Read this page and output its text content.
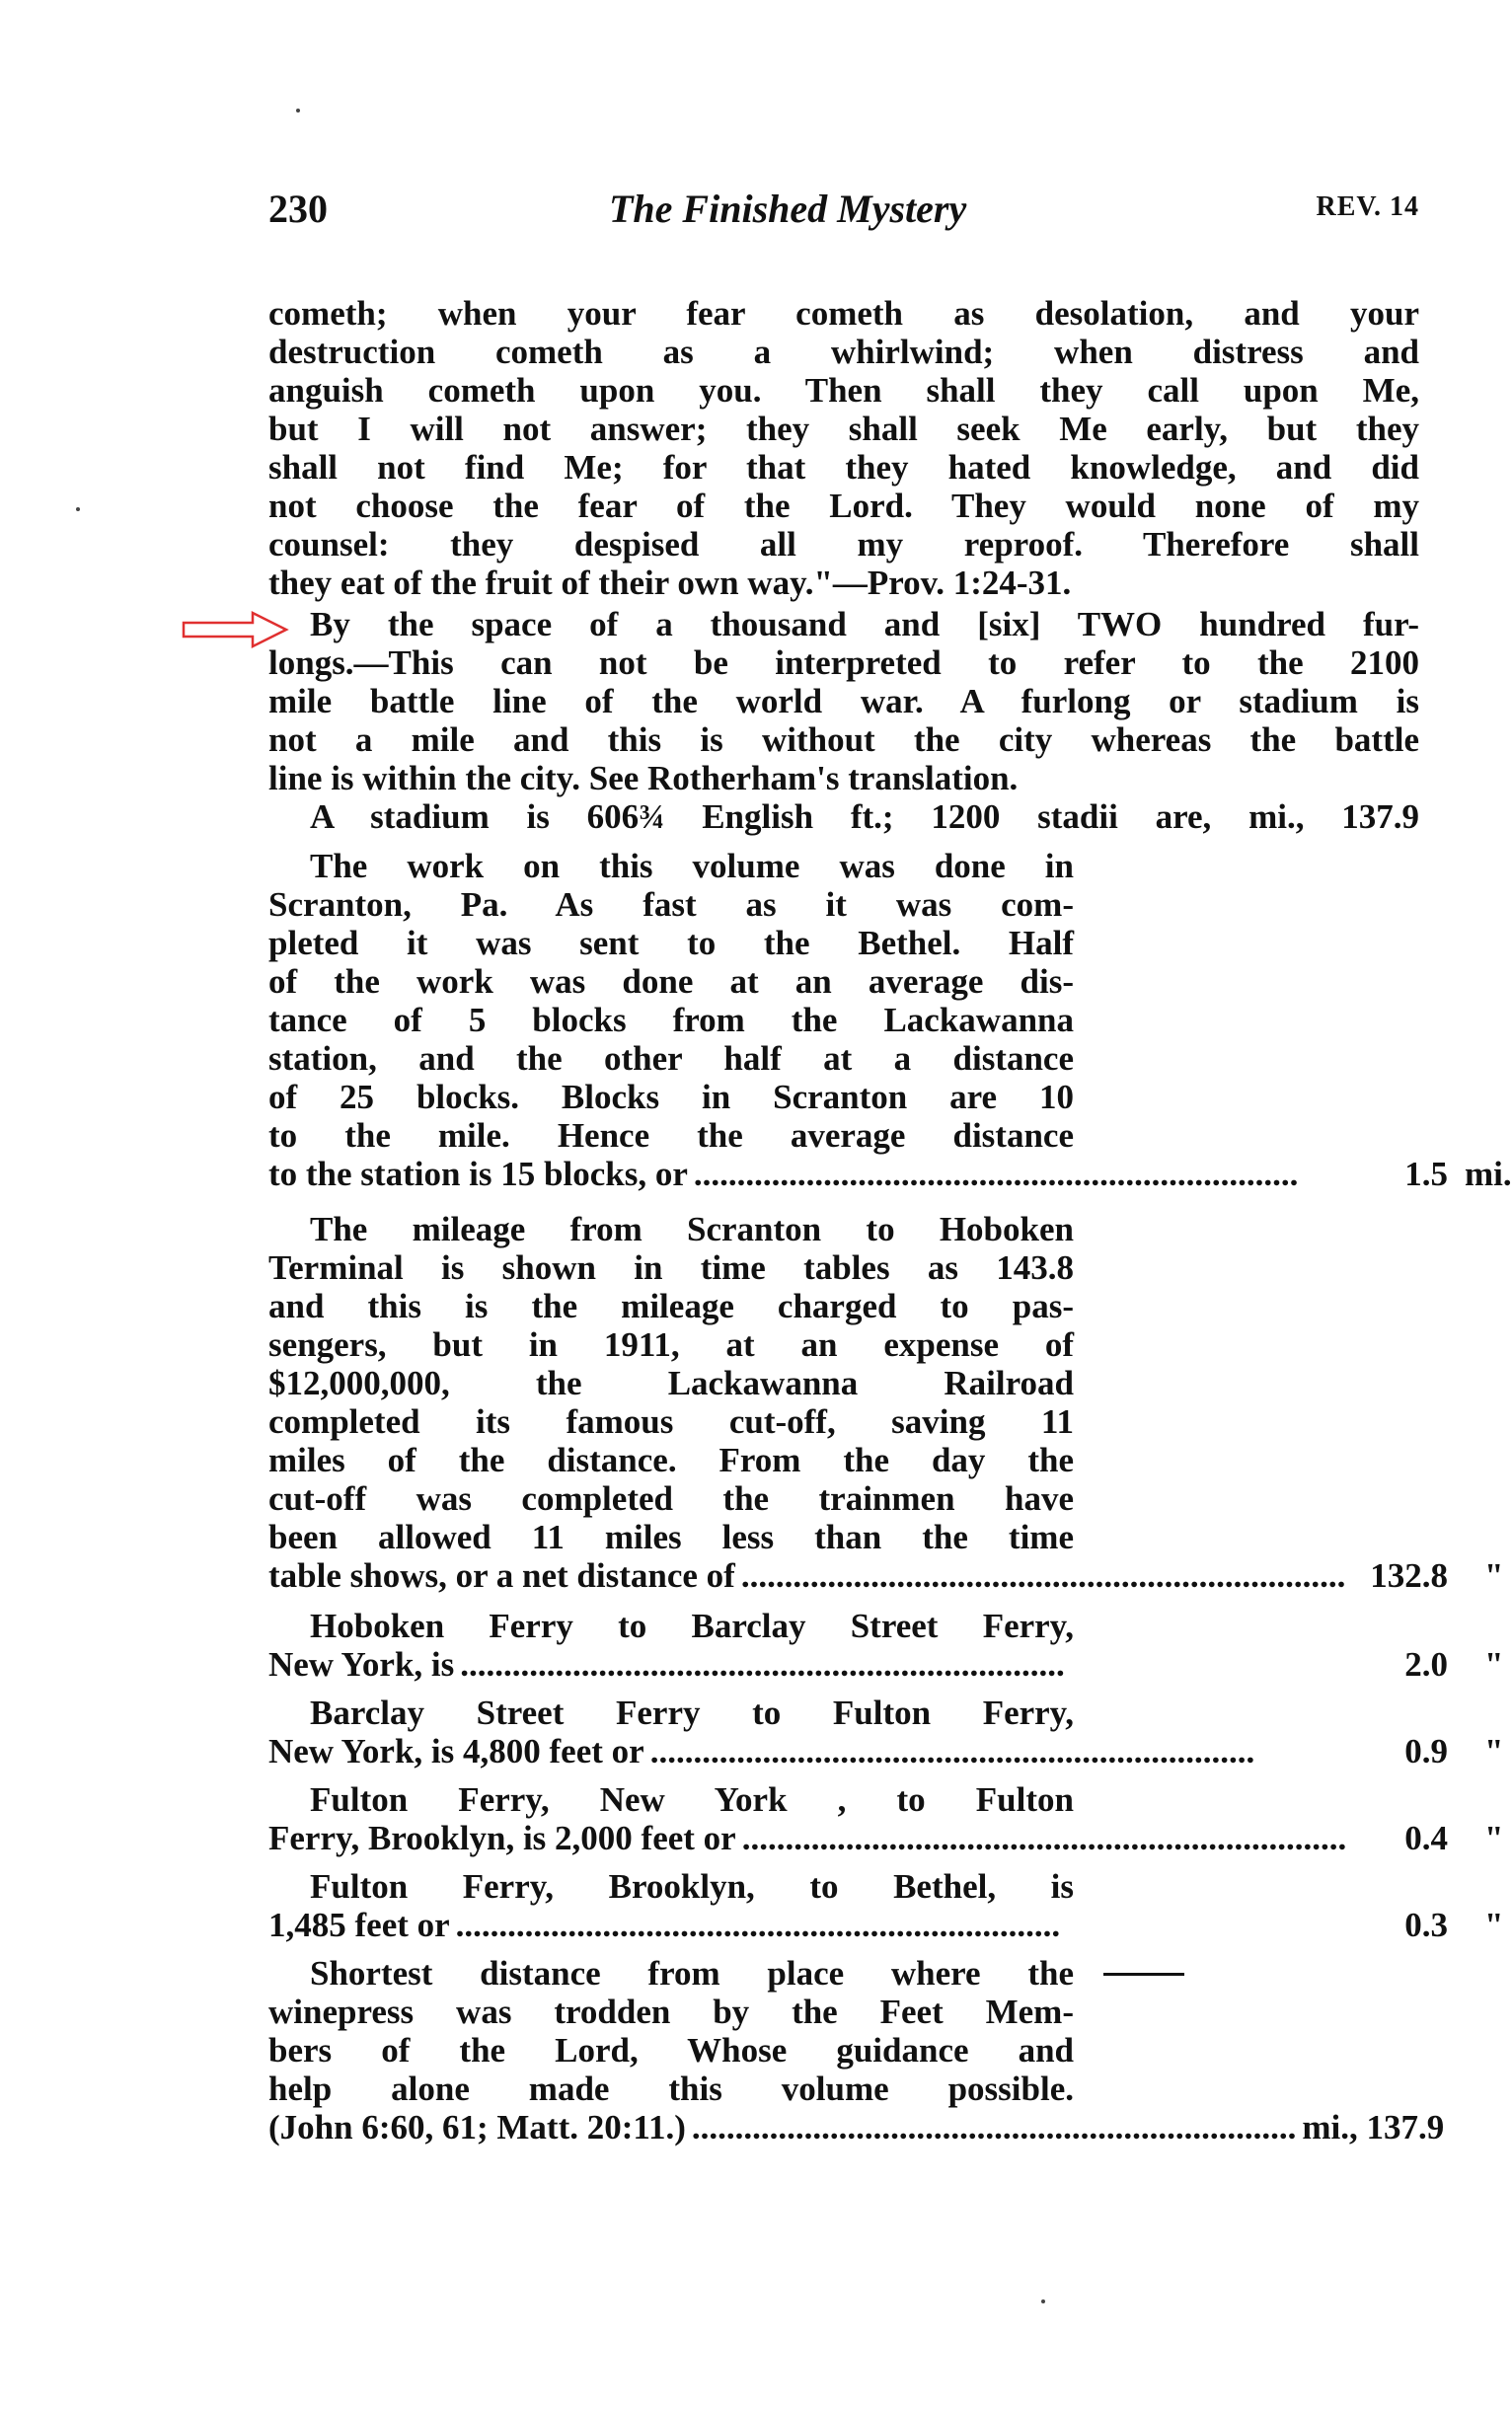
230	The Finished Mystery	REV. 14
cometh; when your fear cometh as desolation, and your
destruction cometh as a whirlwind; when distress and
anguish cometh upon you. Then shall they call upon Me,
but I will not answer; they shall seek Me early, but they
shall not find Me; for that they hated knowledge, and did
not choose the fear of the Lord. They would none of my
counsel: they despised all my reproof. Therefore shall
they eat of the fruit of their own way."—Prov. 1:24-31.
By the space of a thousand and [six] TWO hundred fur-
longs.—This can not be interpreted to refer to the 2100
mile battle line of the world war. A furlong or stadium is
not a mile and this is without the city whereas the battle
line is within the city. See Rotherham's translation.
A stadium is 606¾ English ft.; 1200 stadii are, mi., 137.9
The work on this volume was done in
Scranton, Pa. As fast as it was com-
pleted it was sent to the Bethel. Half
of the work was done at an average dis-
tance of 5 blocks from the Lackawanna
station, and the other half at a distance
of 25 blocks. Blocks in Scranton are 10
to the mile. Hence the average distance
to the station is 15 blocks, or ......................................................................	1.5 mi.
The mileage from Scranton to Hoboken
Terminal is shown in time tables as 143.8
and this is the mileage charged to pas-
sengers, but in 1911, at an expense of
$12,000,000, the Lackawanna Railroad
completed its famous cut-off, saving 11
miles of the distance. From the day the
cut-off was completed the trainmen have
been allowed 11 miles less than the time
table shows, or a net distance of ...................................................................... 132.8 "
Hoboken Ferry to Barclay Street Ferry,
New York, is ......................................................................	2.0 "
Barclay Street Ferry to Fulton Ferry,
New York, is 4,800 feet or ......................................................................	0.9 "
Fulton Ferry, New York , to Fulton
Ferry, Brooklyn, is 2,000 feet or ......................................................................	0.4 "
Fulton Ferry, Brooklyn, to Bethel, is
1,485 feet or ......................................................................	0.3 "
Shortest distance from place where the
winepress was trodden by the Feet Mem-
bers of the Lord, Whose guidance and
help alone made this volume possible.
(John 6:60, 61; Matt. 20:11.) ...................................................................... mi., 137.9
